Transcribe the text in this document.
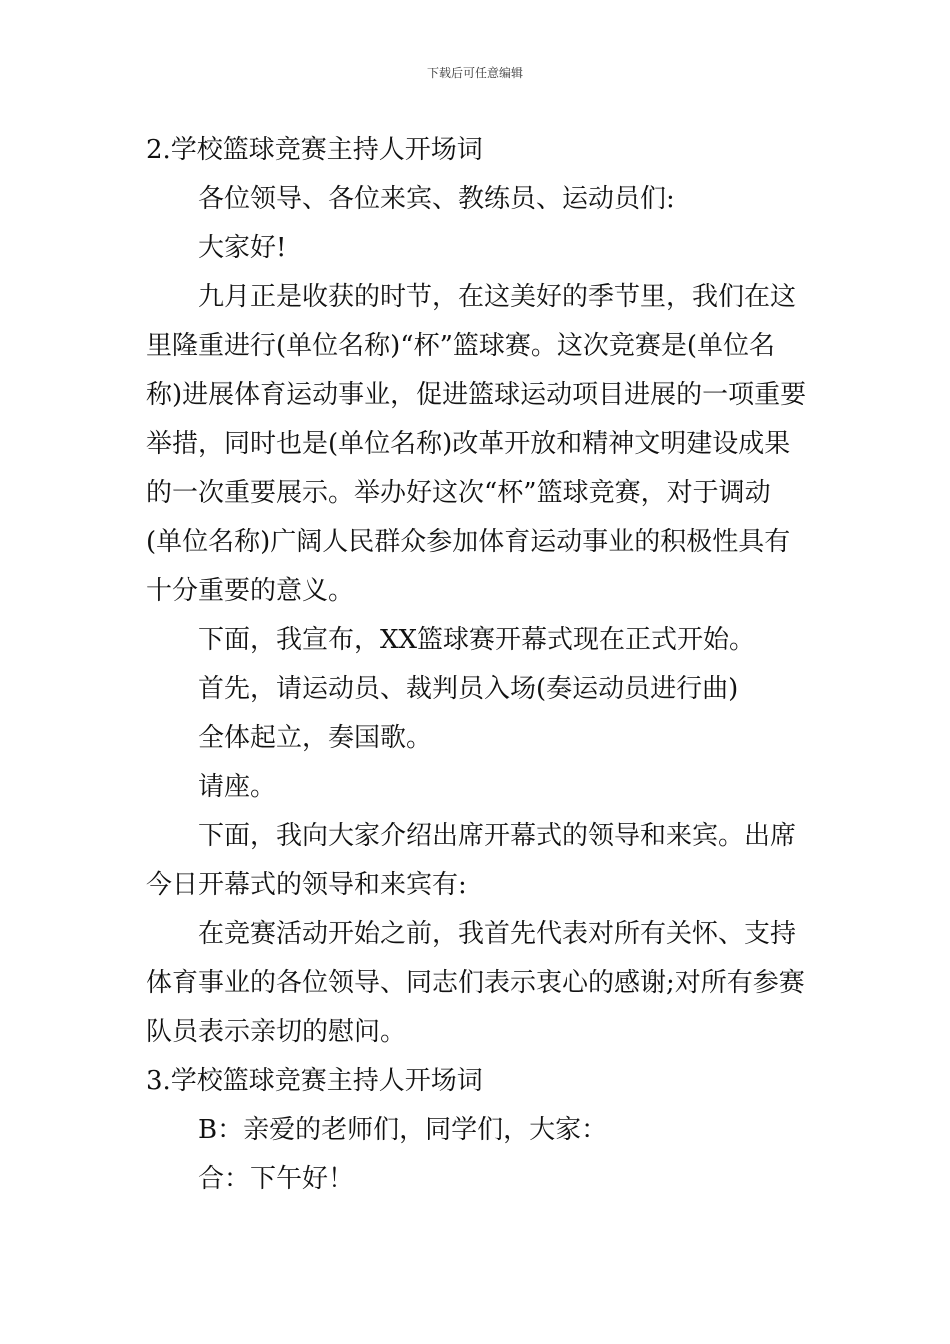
下载后可任意编辑
2.学校篮球竞赛主持人开场词
各位领导、各位来宾、教练员、运动员们:
大家好!
九月正是收获的时节，在这美好的季节里，我们在这
里隆重进行(单位名称)“杯”篮球赛。这次竞赛是(单位名
称)进展体育运动事业，促进篮球运动项目进展的一项重要
举措，同时也是(单位名称)改革开放和精神文明建设成果
的一次重要展示。举办好这次“杯”篮球竞赛，对于调动
(单位名称)广阔人民群众参加体育运动事业的积极性具有
十分重要的意义。
下面，我宣布，XX篮球赛开幕式现在正式开始。
首先，请运动员、裁判员入场(奏运动员进行曲)
全体起立，奏国歌。
请座。
下面，我向大家介绍出席开幕式的领导和来宾。出席
今日开幕式的领导和来宾有:
在竞赛活动开始之前，我首先代表对所有关怀、支持
体育事业的各位领导、同志们表示衷心的感谢;对所有参赛
队员表示亲切的慰问。
3.学校篮球竞赛主持人开场词
B：亲爱的老师们，同学们，大家：
合：下午好！
